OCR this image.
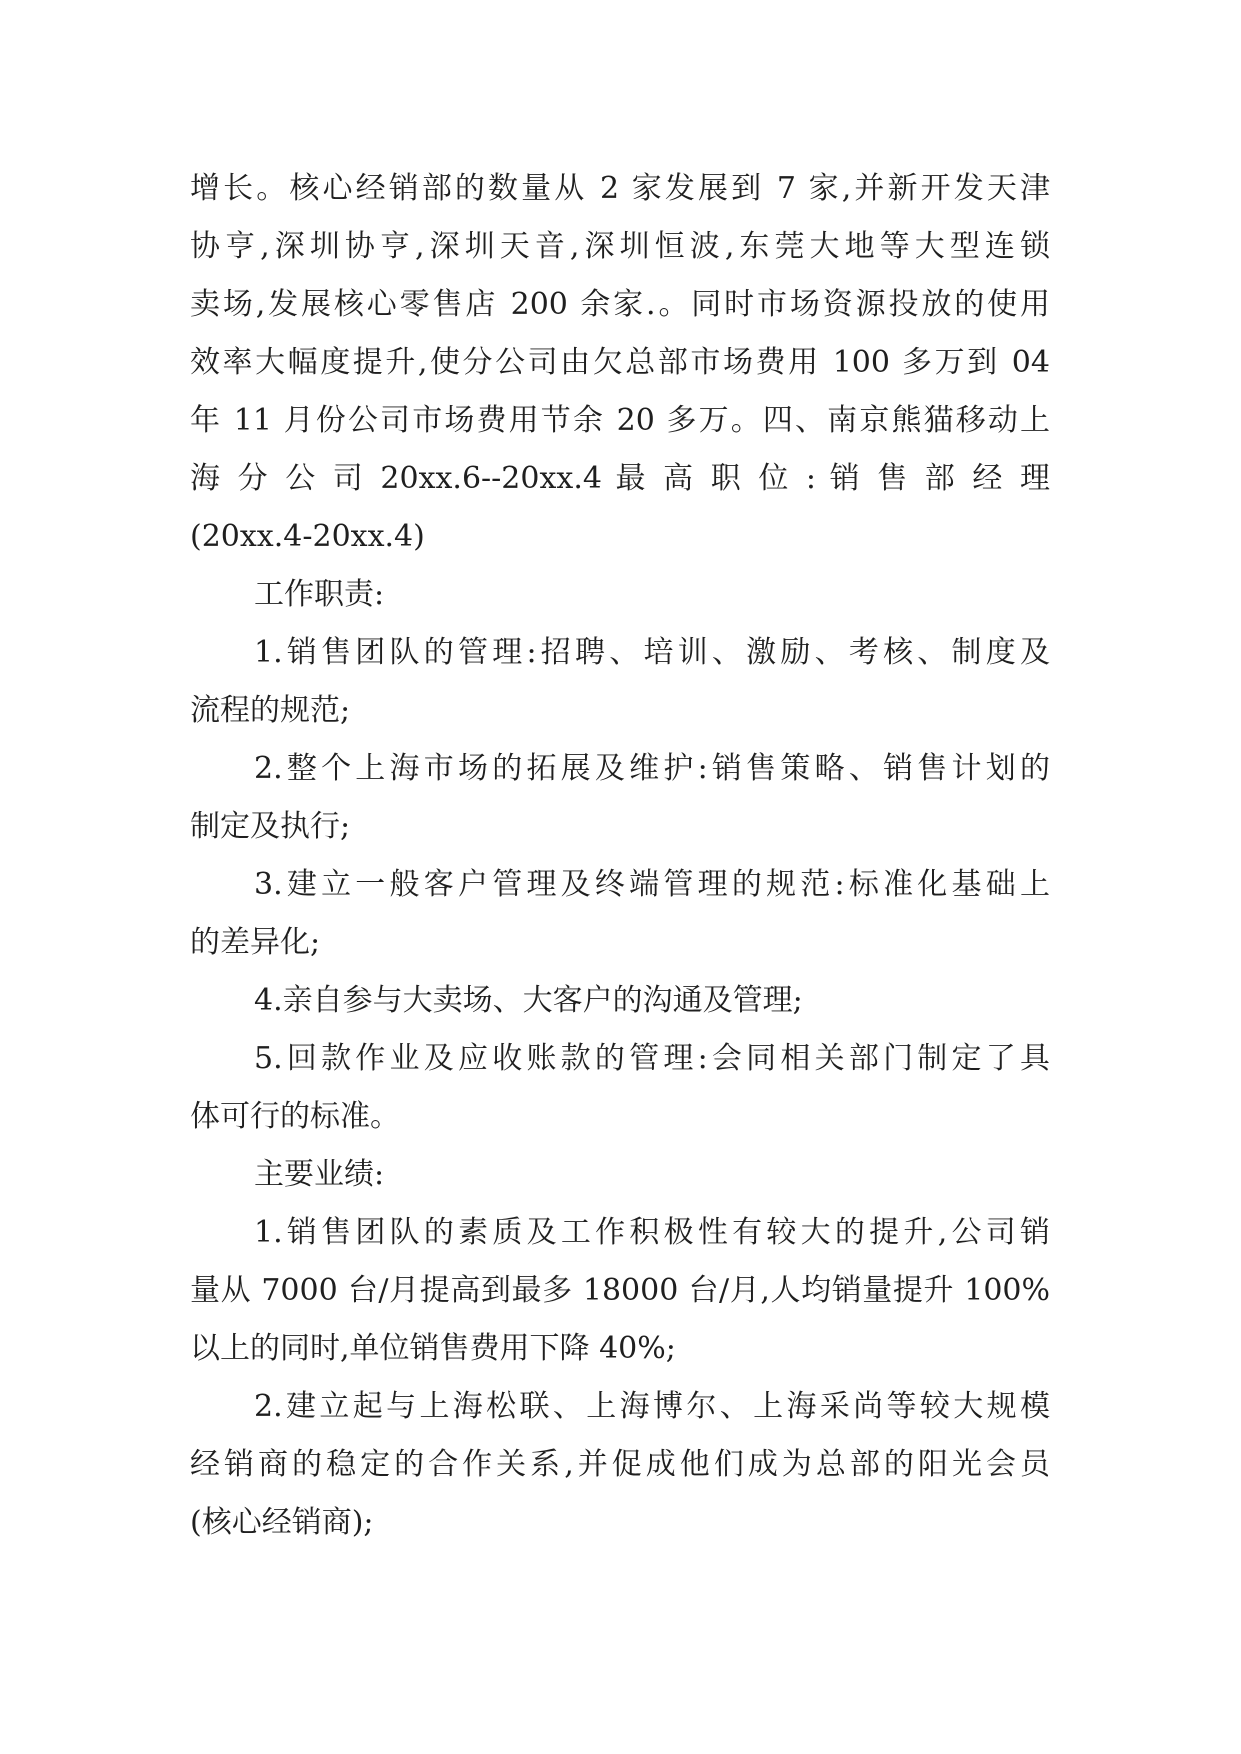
增长。核心经销部的数量从 2 家发展到 7 家,并新开发天津
协亨,深圳协亨,深圳天音,深圳恒波,东莞大地等大型连锁
卖场,发展核心零售店 200 余家.。同时市场资源投放的使用
效率大幅度提升,使分公司由欠总部市场费用 100 多万到 04
年 11 月份公司市场费用节余 20 多万。四、南京熊猫移动上
海 分 公 司 20xx.6--20xx.4 最 高 职 位 : 销 售 部 经 理
(20xx.4-20xx.4)
工作职责:
1.销售团队的管理:招聘、培训、激励、考核、制度及
流程的规范;
2.整个上海市场的拓展及维护:销售策略、销售计划的
制定及执行;
3.建立一般客户管理及终端管理的规范:标准化基础上
的差异化;
4.亲自参与大卖场、大客户的沟通及管理;
5.回款作业及应收账款的管理:会同相关部门制定了具
体可行的标准。
主要业绩:
1.销售团队的素质及工作积极性有较大的提升,公司销
量从 7000 台/月提高到最多 18000 台/月,人均销量提升 100%
以上的同时,单位销售费用下降 40%;
2.建立起与上海松联、上海博尔、上海采尚等较大规模
经销商的稳定的合作关系,并促成他们成为总部的阳光会员
(核心经销商);
